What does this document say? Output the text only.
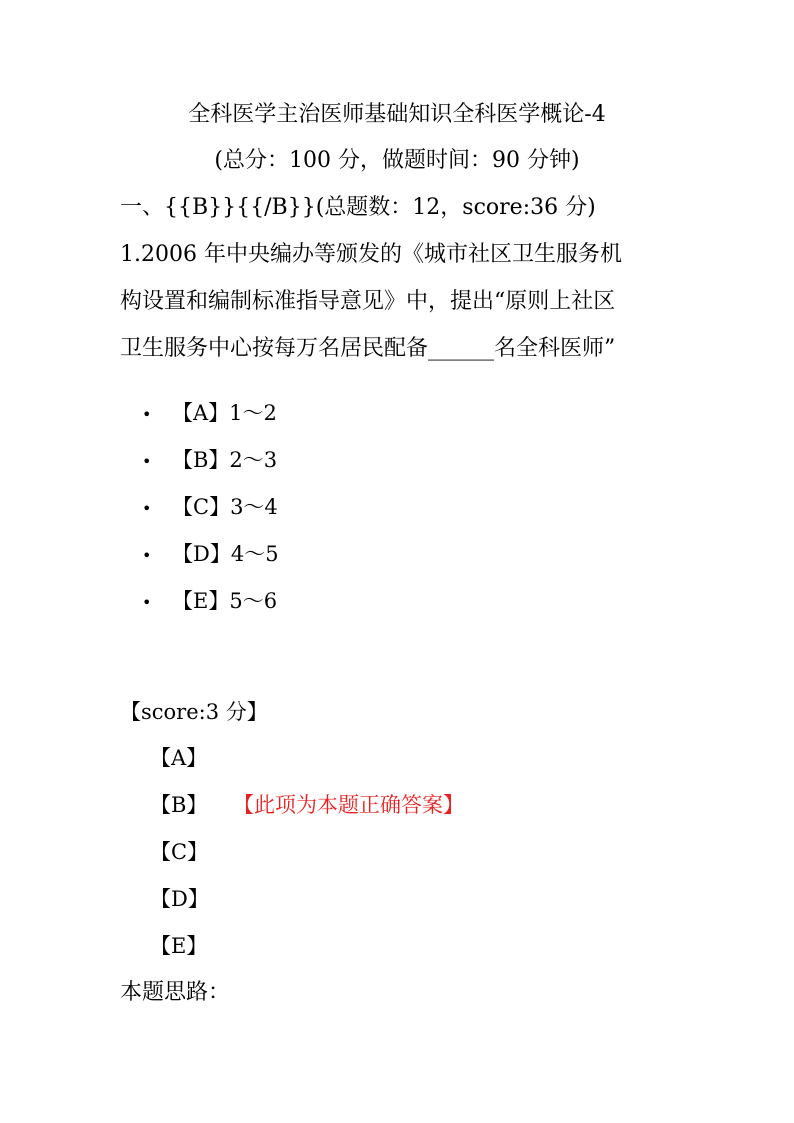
全科医学主治医师基础知识全科医学概论-4
(总分：100 分，做题时间：90 分钟)
一、{{B}}{{/B}}(总题数：12，score:36 分)
1.2006 年中央编办等颁发的《城市社区卫生服务机
构设置和编制标准指导意见》中，提出“原则上社区
卫生服务中心按每万名居民配备______名全科医师”
• 【A】1～2
• 【B】2～3
• 【C】3～4
• 【D】4～5
• 【E】5～6
【score:3 分】
【A】
【B】 【此项为本题正确答案】
【C】
【D】
【E】
本题思路：
